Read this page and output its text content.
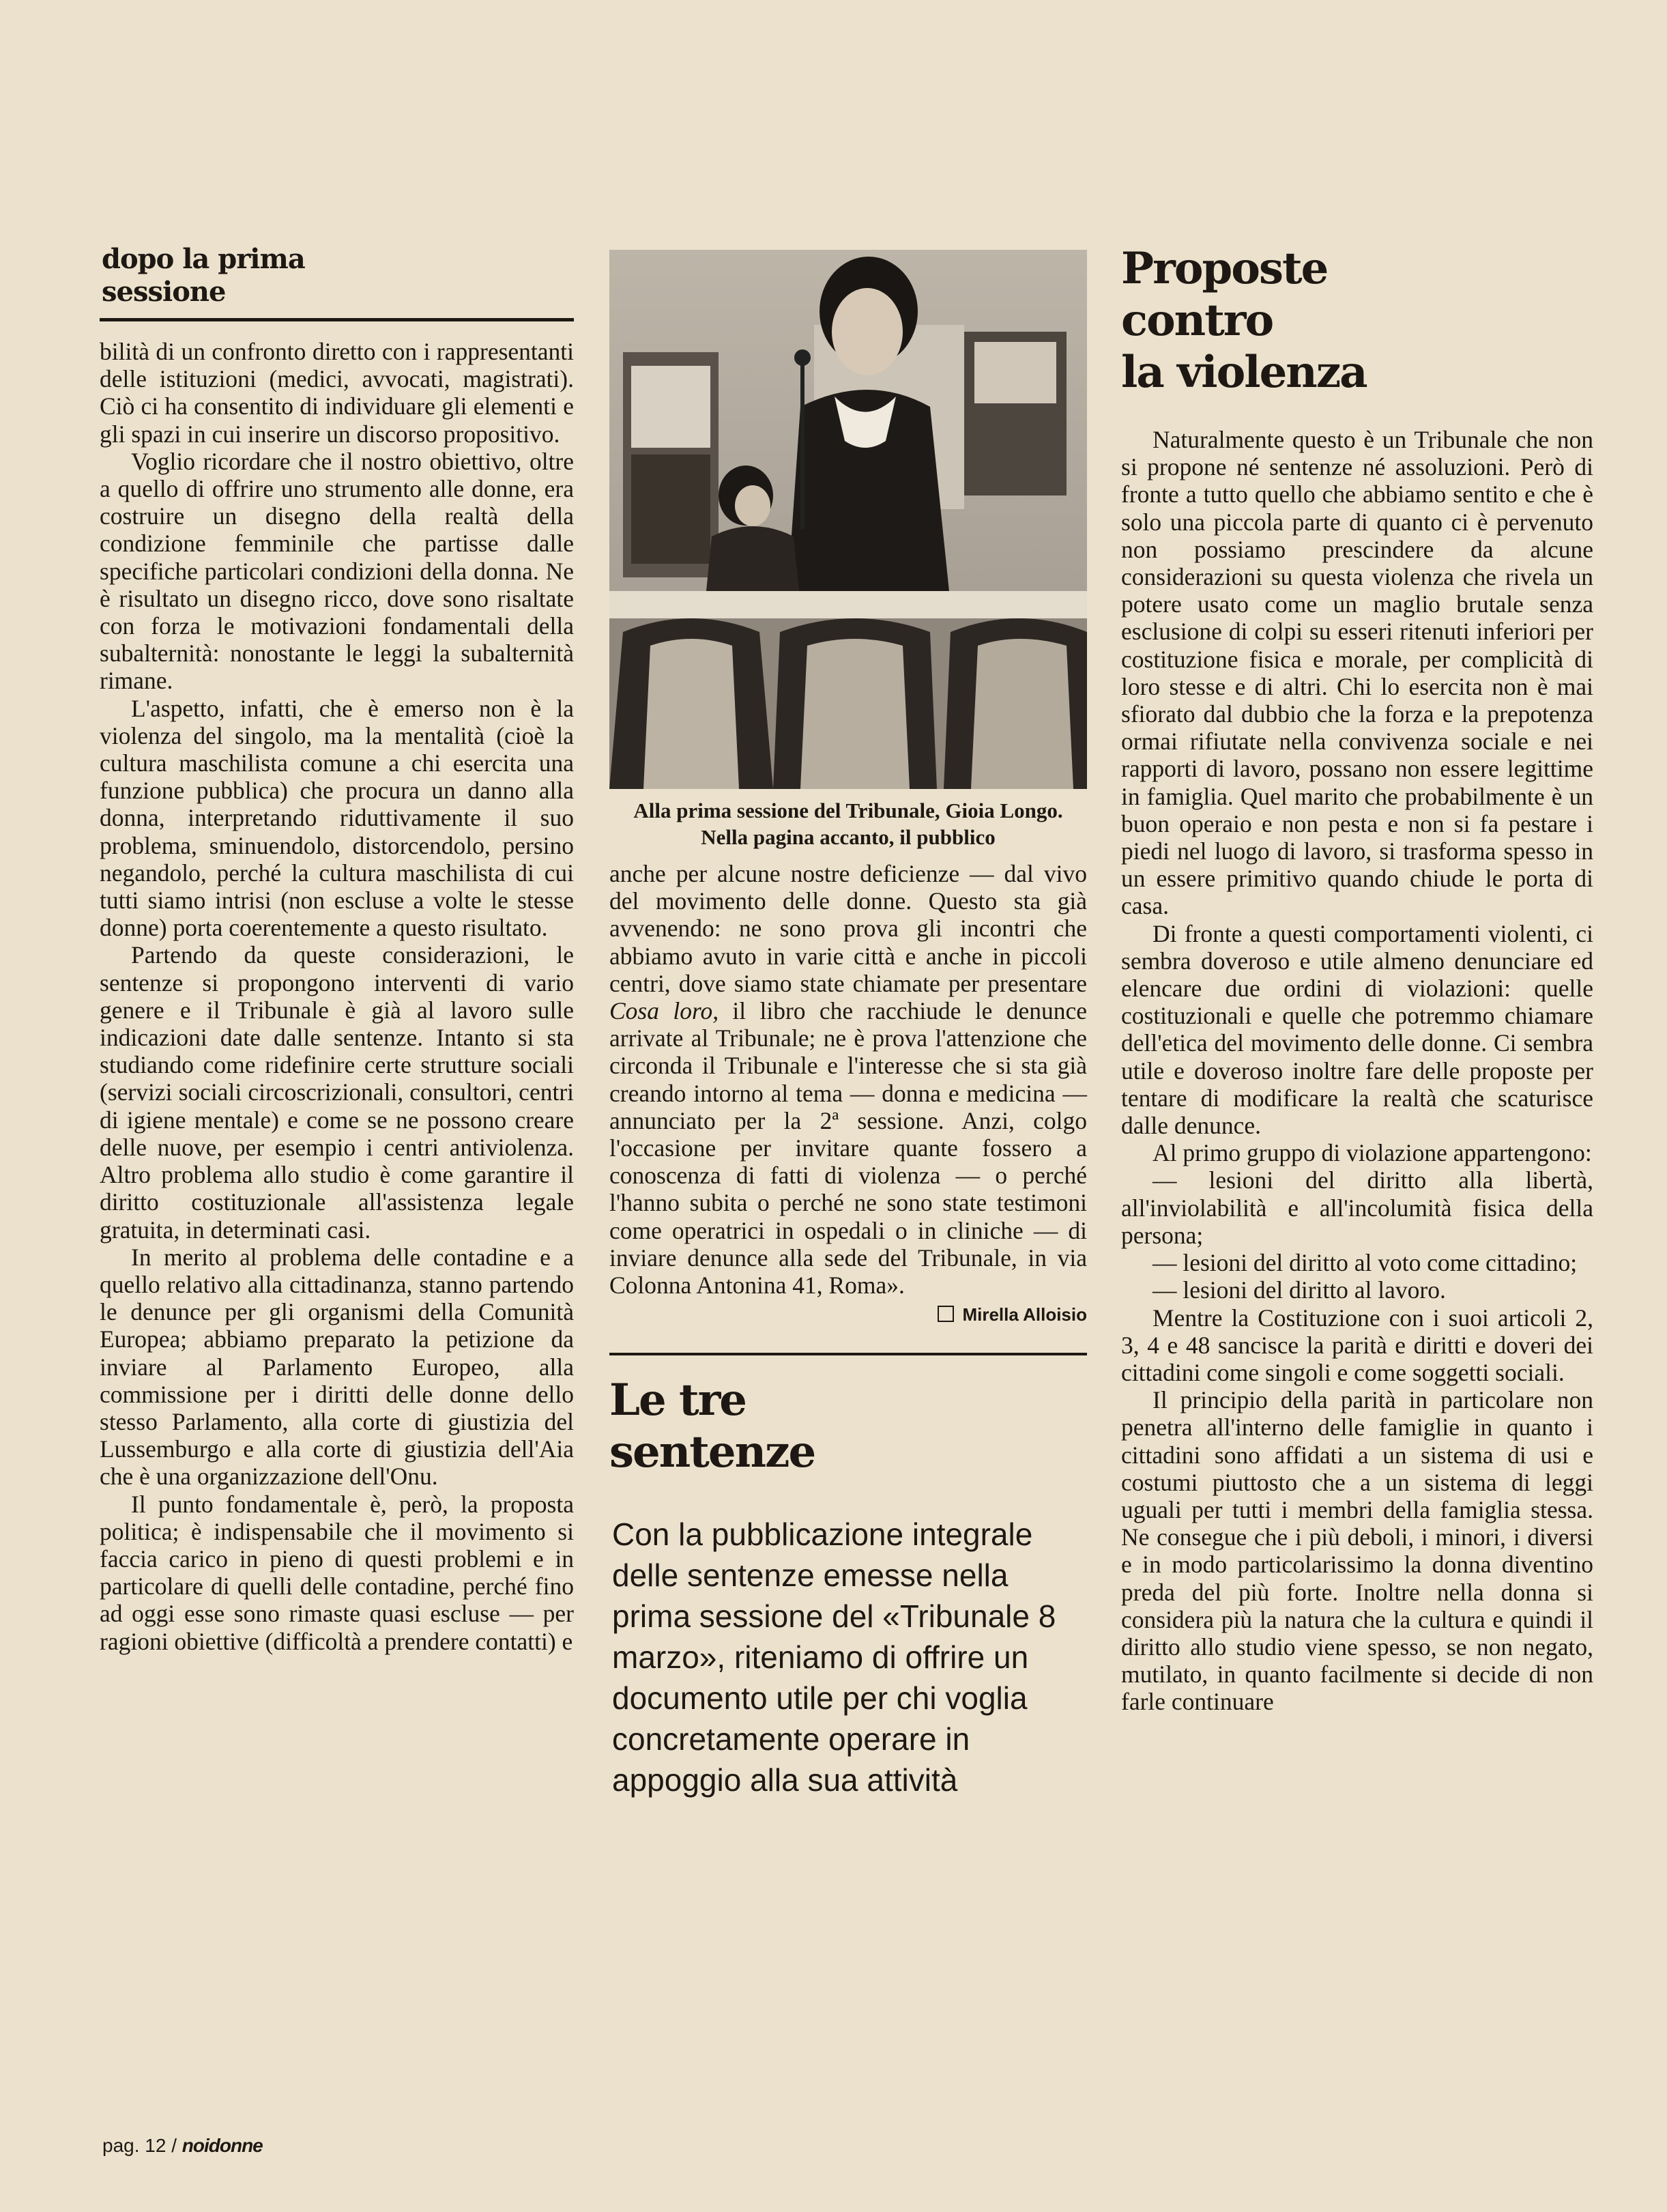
dopo la prima
sessione

bilità di un confronto diretto con i rappresentanti delle istituzioni (medici, avvocati, magistrati). Ciò ci ha consentito di individuare gli elementi e gli spazi in cui inserire un discorso propositivo.

Voglio ricordare che il nostro obiettivo, oltre a quello di offrire uno strumento alle donne, era costruire un disegno della realtà della condizione femminile che partisse dalle specifiche particolari condizioni della donna. Ne è risultato un disegno ricco, dove sono risaltate con forza le motivazioni fondamentali della subalternità: nonostante le leggi la subalternità rimane.

L'aspetto, infatti, che è emerso non è la violenza del singolo, ma la mentalità (cioè la cultura maschilista comune a chi esercita una funzione pubblica) che procura un danno alla donna, interpretando riduttivamente il suo problema, sminuendolo, distorcendolo, persino negandolo, perché la cultura maschilista di cui tutti siamo intrisi (non escluse a volte le stesse donne) porta coerentemente a questo risultato.

Partendo da queste considerazioni, le sentenze si propongono interventi di vario genere e il Tribunale è già al lavoro sulle indicazioni date dalle sentenze. Intanto si sta studiando come ridefinire certe strutture sociali (servizi sociali circoscrizionali, consultori, centri di igiene mentale) e come se ne possono creare delle nuove, per esempio i centri antiviolenza. Altro problema allo studio è come garantire il diritto costituzionale all'assistenza legale gratuita, in determinati casi.

In merito al problema delle contadine e a quello relativo alla cittadinanza, stanno partendo le denunce per gli organismi della Comunità Europea; abbiamo preparato la petizione da inviare al Parlamento Europeo, alla commissione per i diritti delle donne dello stesso Parlamento, alla corte di giustizia del Lussemburgo e alla corte di giustizia dell'Aia che è una organizzazione dell'Onu.

Il punto fondamentale è, però, la proposta politica; è indispensabile che il movimento si faccia carico in pieno di questi problemi e in particolare di quelli delle contadine, perché fino ad oggi esse sono rimaste quasi escluse — per ragioni obiettive (difficoltà a prendere contatti) e

Alla prima sessione del Tribunale, Gioia Longo. Nella pagina accanto, il pubblico

anche per alcune nostre deficienze — dal vivo del movimento delle donne. Questo sta già avvenendo: ne sono prova gli incontri che abbiamo avuto in varie città e anche in piccoli centri, dove siamo state chiamate per presentare Cosa loro, il libro che racchiude le denunce arrivate al Tribunale; ne è prova l'attenzione che circonda il Tribunale e l'interesse che si sta già creando intorno al tema — donna e medicina — annunciato per la 2ª sessione. Anzi, colgo l'occasione per invitare quante fossero a conoscenza di fatti di violenza — o perché l'hanno subita o perché ne sono state testimoni come operatrici in ospedali o in cliniche — di inviare denunce alla sede del Tribunale, in via Colonna Antonina 41, Roma».

Mirella Alloisio
Le tre
sentenze
Con la pubblicazione integrale delle sentenze emesse nella prima sessione del «Tribunale 8 marzo», riteniamo di offrire un documento utile per chi voglia concretamente operare in appoggio alla sua attività
Proposte
contro
la violenza

Naturalmente questo è un Tribunale che non si propone né sentenze né assoluzioni. Però di fronte a tutto quello che abbiamo sentito e che è solo una piccola parte di quanto ci è pervenuto non possiamo prescindere da alcune considerazioni su questa violenza che rivela un potere usato come un maglio brutale senza esclusione di colpi su esseri ritenuti inferiori per costituzione fisica e morale, per complicità di loro stesse e di altri. Chi lo esercita non è mai sfiorato dal dubbio che la forza e la prepotenza ormai rifiutate nella convivenza sociale e nei rapporti di lavoro, possano non essere legittime in famiglia. Quel marito che probabilmente è un buon operaio e non pesta e non si fa pestare i piedi nel luogo di lavoro, si trasforma spesso in un essere primitivo quando chiude le porta di casa.

Di fronte a questi comportamenti violenti, ci sembra doveroso e utile almeno denunciare ed elencare due ordini di violazioni: quelle costituzionali e quelle che potremmo chiamare dell'etica del movimento delle donne. Ci sembra utile e doveroso inoltre fare delle proposte per tentare di modificare la realtà che scaturisce dalle denunce.

Al primo gruppo di violazione appartengono:

— lesioni del diritto alla libertà, all'inviolabilità e all'incolumità fisica della persona;

— lesioni del diritto al voto come cittadino;

— lesioni del diritto al lavoro.

Mentre la Costituzione con i suoi articoli 2, 3, 4 e 48 sancisce la parità e diritti e doveri dei cittadini come singoli e come soggetti sociali.

Il principio della parità in particolare non penetra all'interno delle famiglie in quanto i cittadini sono affidati a un sistema di usi e costumi piuttosto che a un sistema di leggi uguali per tutti i membri della famiglia stessa. Ne consegue che i più deboli, i minori, i diversi e in modo particolarissimo la donna diventino preda del più forte. Inoltre nella donna si considera più la natura che la cultura e quindi il diritto allo studio viene spesso, se non negato, mutilato, in quanto facilmente si decide di non farle continuare

pag. 12 / noidonne
